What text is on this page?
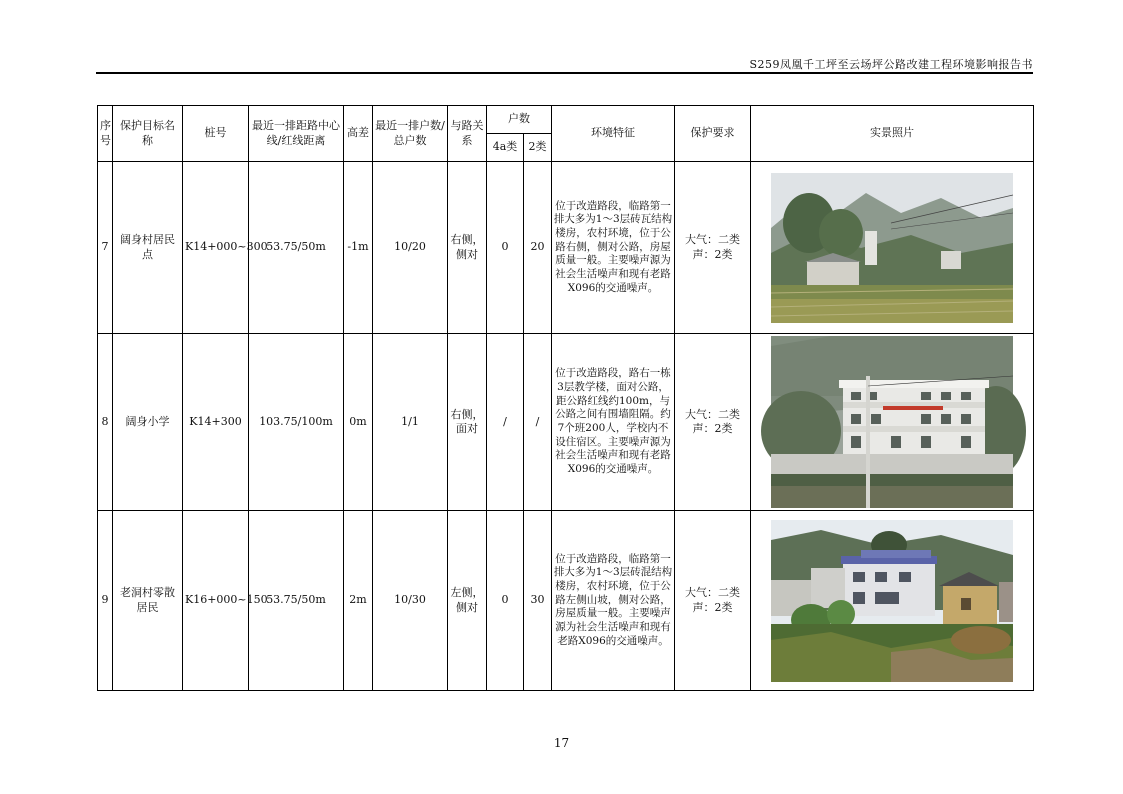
S259凤凰千工坪至云场坪公路改建工程环境影响报告书
序号	保护目标名称	桩号	最近一排距路中心线/红线距离	高差	最近一排户数/总户数	与路关系	户数		环境特征	保护要求	实景照片
							4a类	2类			
7	阔身村居民点	K14+000~300	53.75/50m	-1m	10/20	右侧，侧对	0	20	位于改造路段，临路第一排大多为1～3层砖瓦结构楼房，农村环境，位于公路右侧，侧对公路，房屋质量一般。主要噪声源为社会生活噪声和现有老路X096的交通噪声。	大气：二类声：2类	

8	阔身小学	K14+300	103.75/100m	0m	1/1	右侧，面对	/	/	位于改造路段，路右一栋3层教学楼，面对公路，距公路红线约100m，与公路之间有围墙阻隔。约7个班200人，学校内不设住宿区。主要噪声源为社会生活噪声和现有老路X096的交通噪声。	大气：二类声：2类	

9	老洞村零散居民	K16+000~150	53.75/50m	2m	10/30	左侧，侧对	0	30	位于改造路段，临路第一排大多为1～3层砖混结构楼房，农村环境，位于公路左侧山坡，侧对公路，房屋质量一般。主要噪声源为社会生活噪声和现有老路X096的交通噪声。	大气：二类声：2类	
17
